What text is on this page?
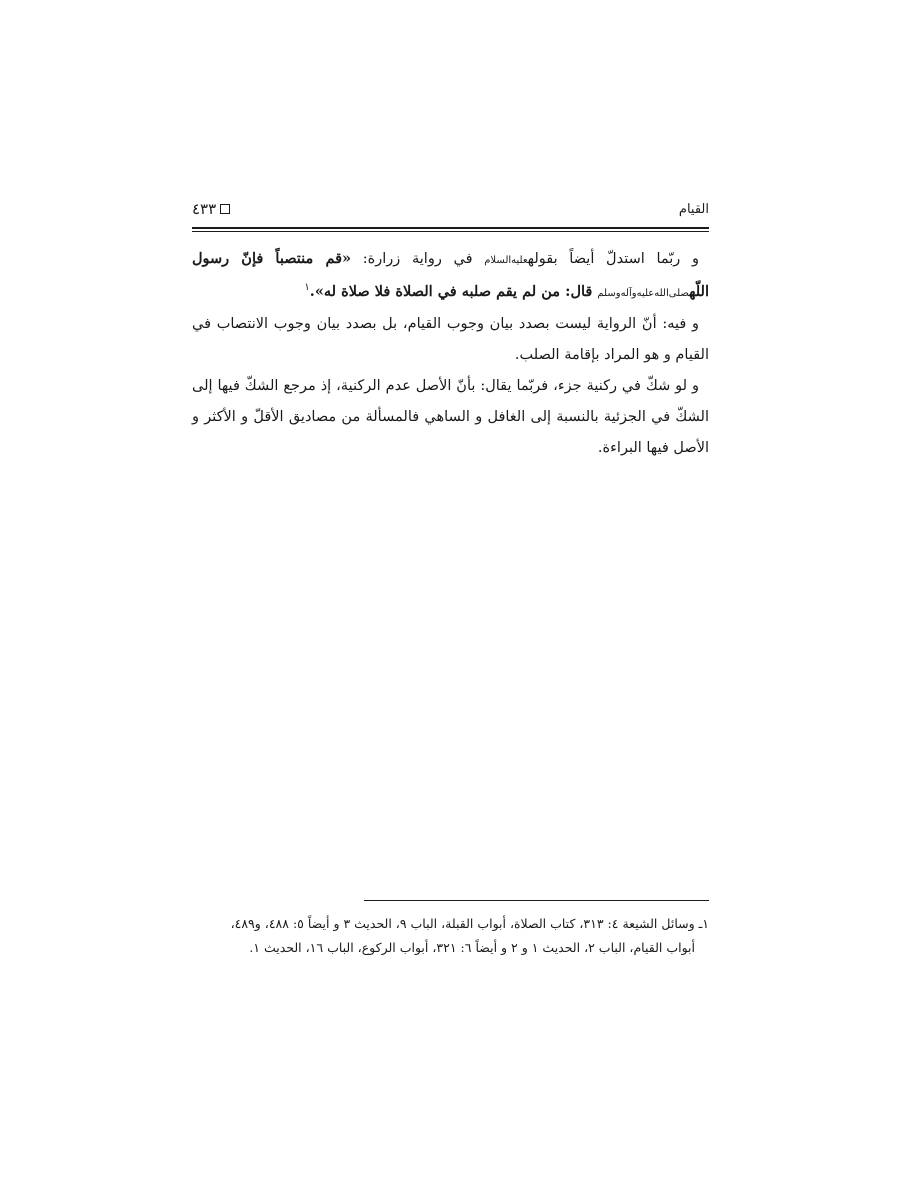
القيام
٤٣٣

و ربّما استدلّ أيضاً بقولهعليه‌السلام في رواية زرارة: «قم منتصباً فإنّ رسول اللّهصلى‌الله‌عليه‌وآله‌وسلم قال: من لم يقم صلبه في الصلاة فلا صلاة له».$^١$

و فيه: أنّ الرواية ليست بصدد بيان وجوب القيام، بل بصدد بيان وجوب الانتصاب في القيام و هو المراد بإقامة الصلب.

و لو شكّ في ركنية جزء، فربّما يقال: بأنّ الأصل عدم الركنية، إذ مرجع الشكّ فيها إلى الشكّ في الجزئية بالنسبة إلى الغافل و الساهي فالمسألة من مصاديق الأقلّ و الأكثر و الأصل فيها البراءة.

١ـ وسائل الشيعة ٤: ٣١٣، كتاب الصلاة، أبواب القبلة، الباب ٩، الحديث ٣ و أيضاً ٥: ٤٨٨، و٤٨٩،

أبواب القيام، الباب ٢، الحديث ١ و ٢ و أيضاً ٦: ٣٢١، أبواب الركوع، الباب ١٦، الحديث ١.
